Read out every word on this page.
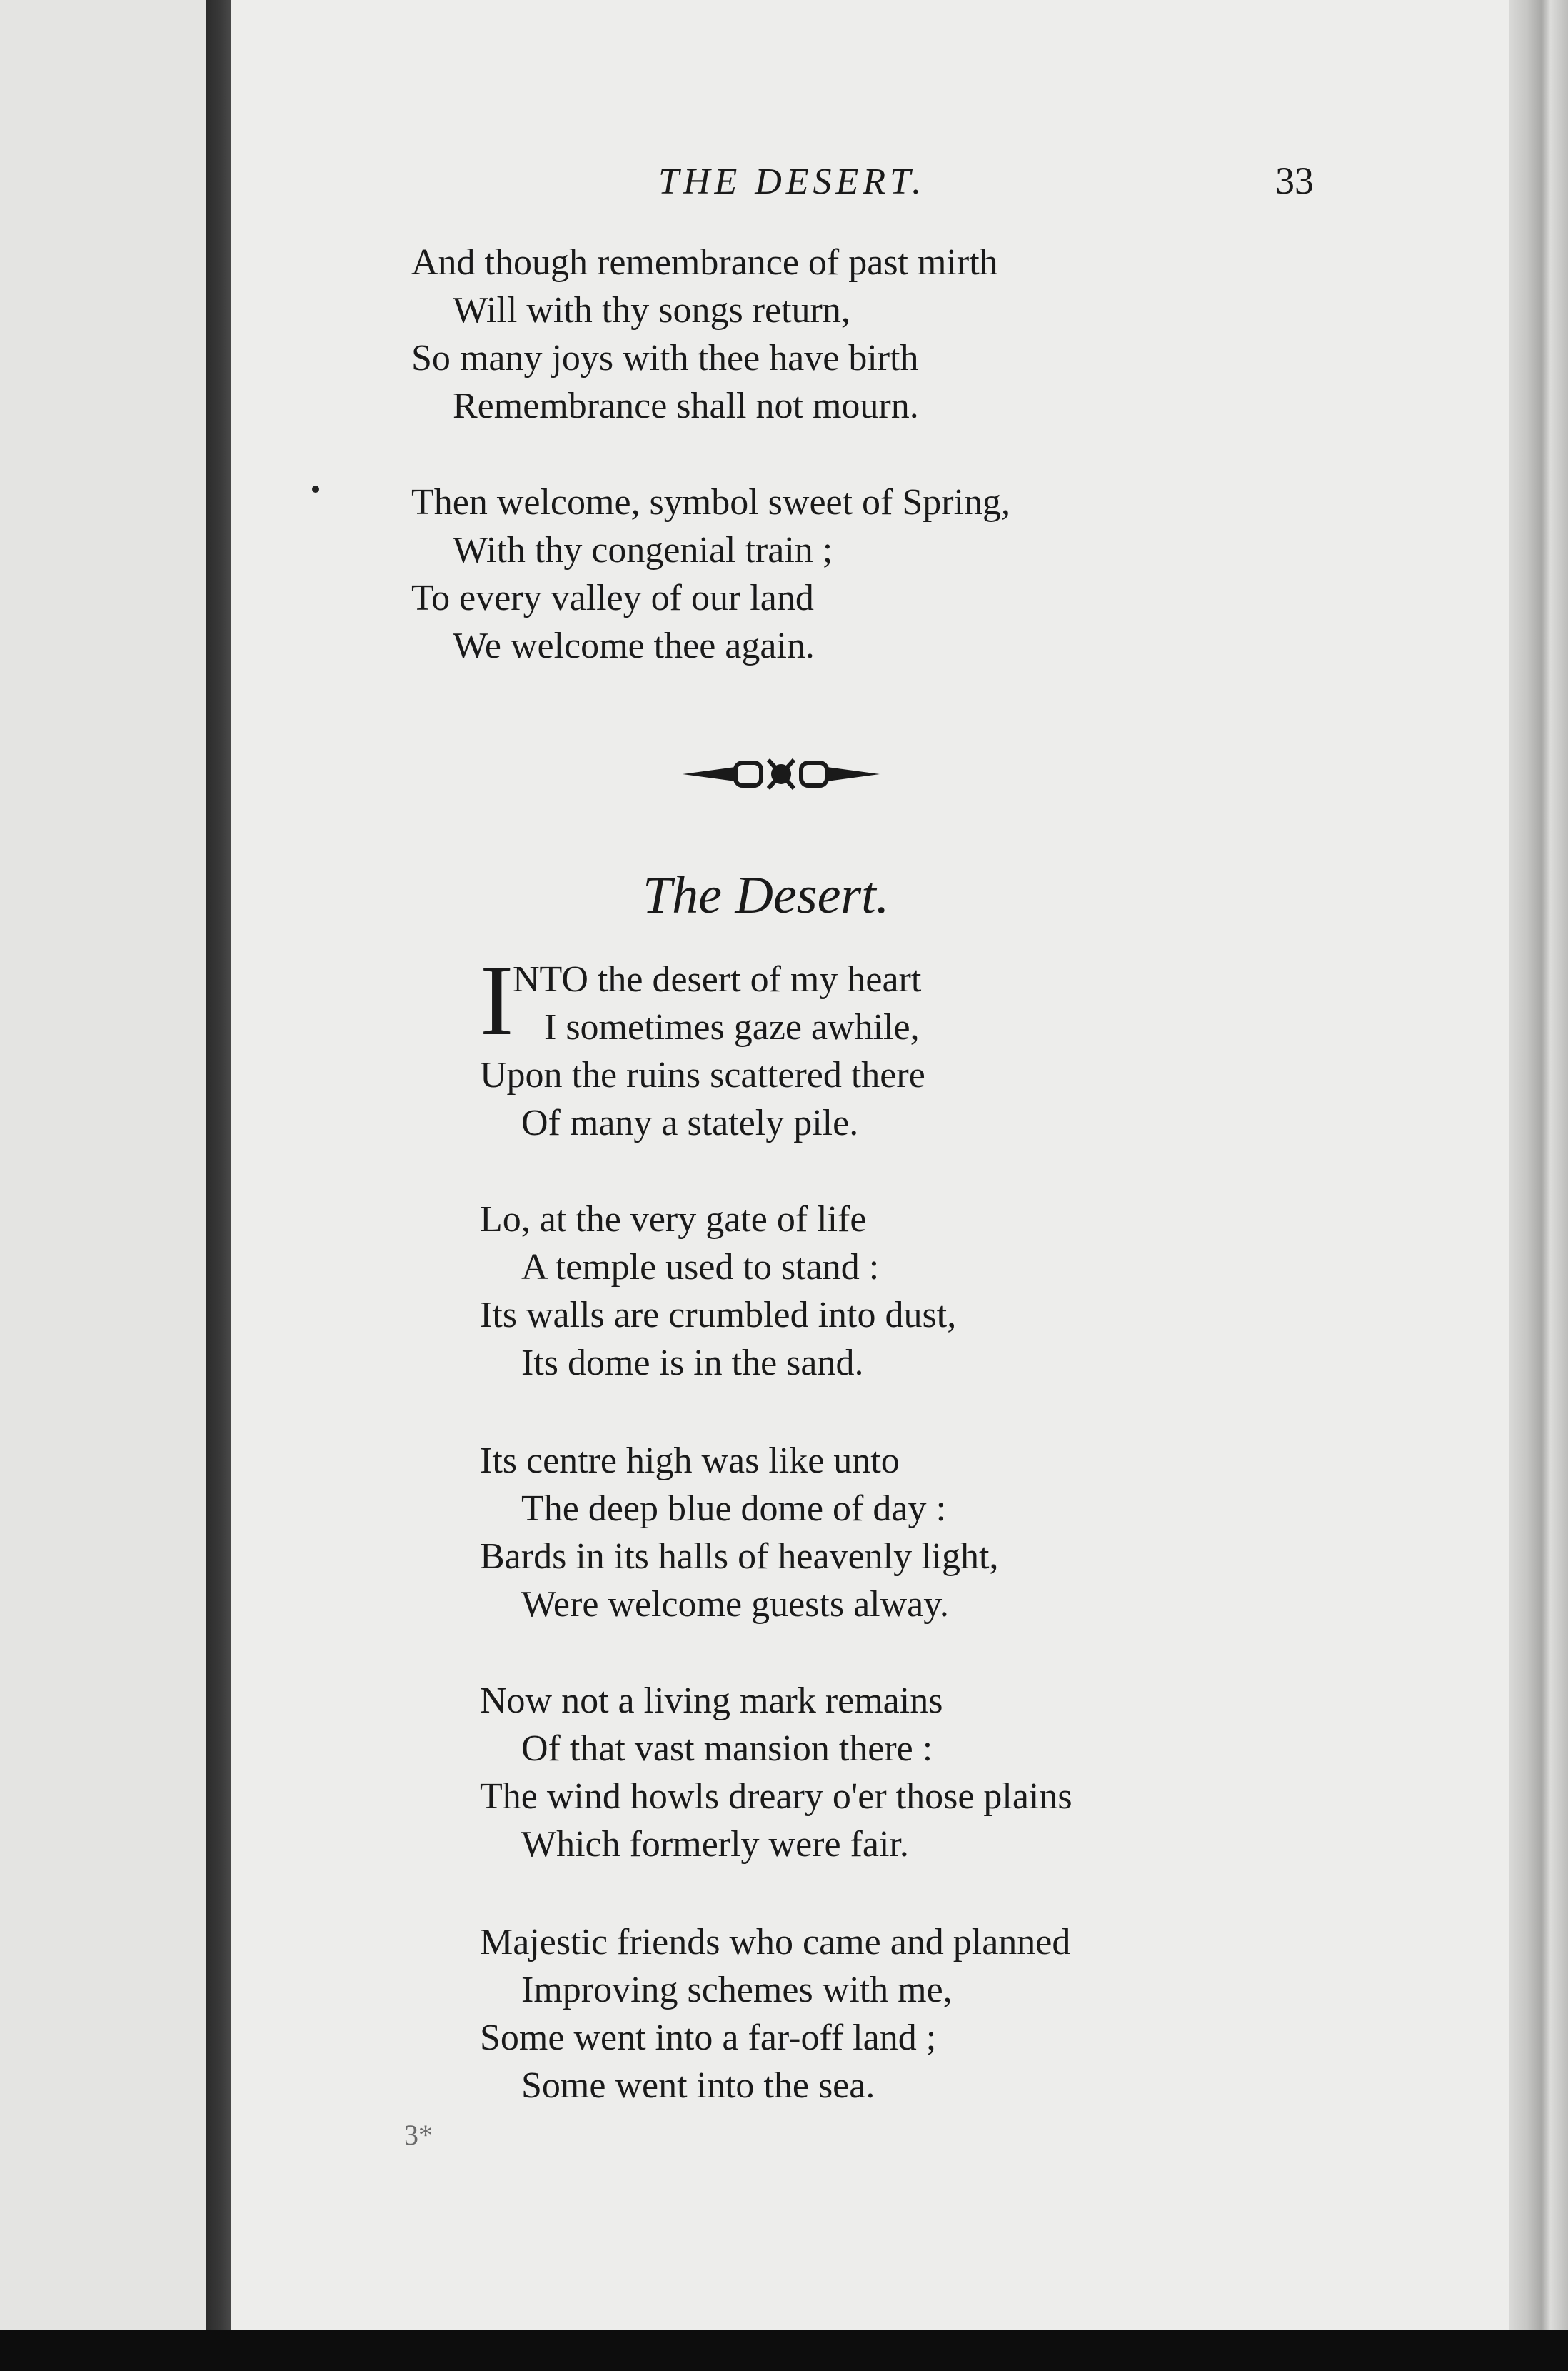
THE DESERT.	33
And though remembrance of past mirth
Will with thy songs return,
So many joys with thee have birth
Remembrance shall not mourn.
Then welcome, symbol sweet of Spring,
With thy congenial train ;
To every valley of our land
We welcome thee again.
The Desert.
I
NTO the desert of my heart
I sometimes gaze awhile,
Upon the ruins scattered there
Of many a stately pile.
Lo, at the very gate of life
A temple used to stand :
Its walls are crumbled into dust,
Its dome is in the sand.
Its centre high was like unto
The deep blue dome of day :
Bards in its halls of heavenly light,
Were welcome guests alway.
Now not a living mark remains
Of that vast mansion there :
The wind howls dreary o'er those plains
Which formerly were fair.
Majestic friends who came and planned
Improving schemes with me,
Some went into a far-off land ;
Some went into the sea.
3*
